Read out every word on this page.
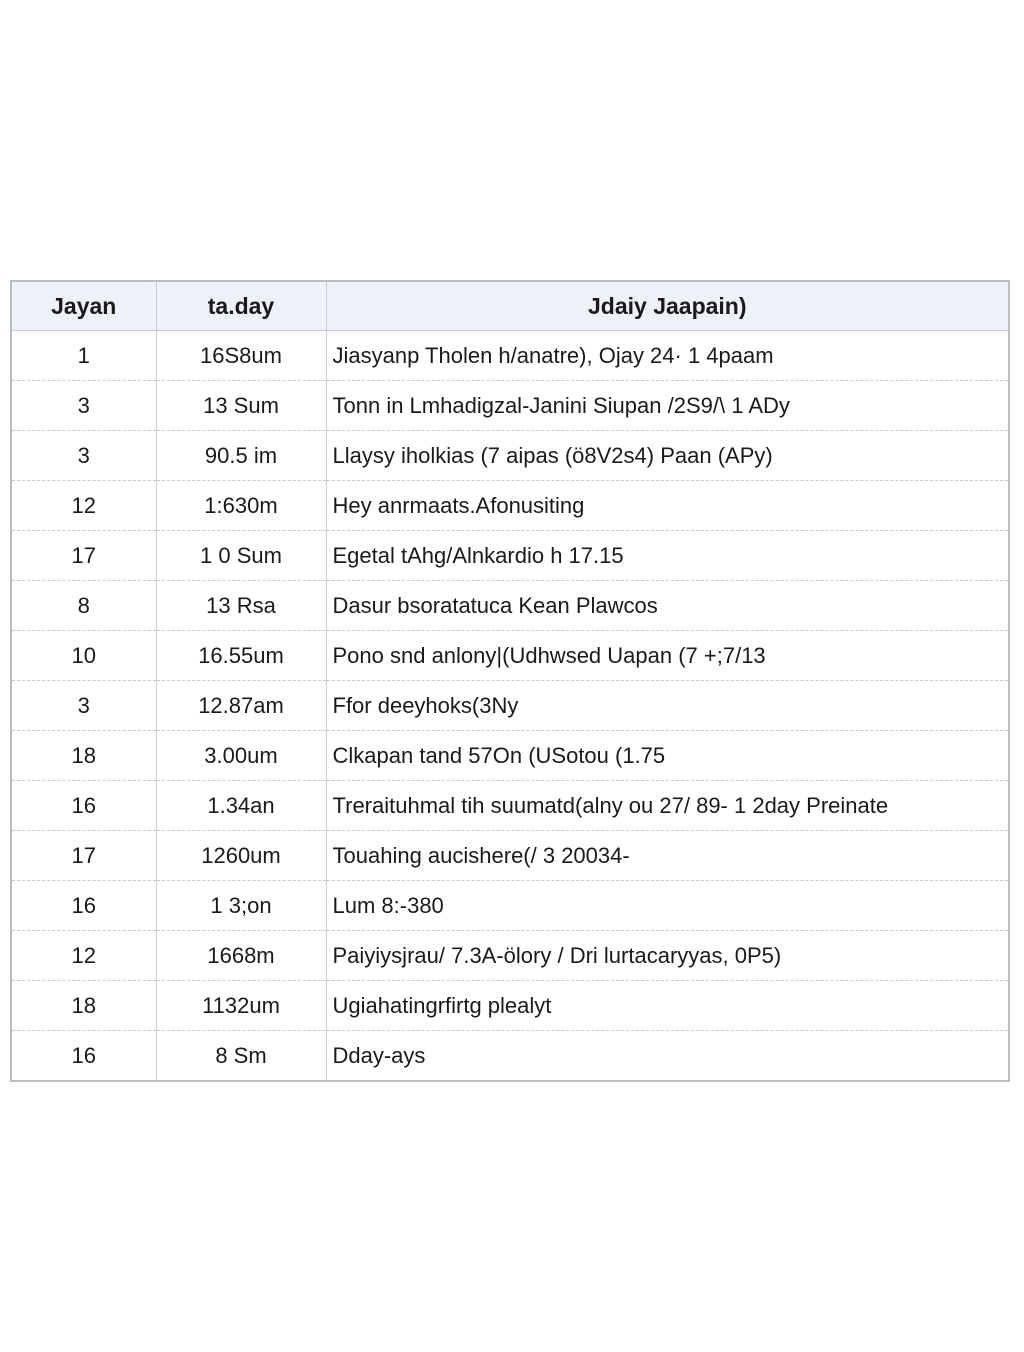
Jayan	ta.day	Jdaiy Jaapain)
1	16S8um	Jiasyanp Tholen h/anatre), Ojay 24· 1 4paam
3	13 Sum	Tonn in Lmhadigzal-Janini Siupan /2S9/\ 1 ADy
3	90.5 im	Llaysy iholkias (7 aipas (ö8V2s4) Paan (APy)
12	1:630m	Hey anrmaats.Afonusiting
17	1 0 Sum	Egetal tAhg/Alnkardio h 17.15
8	13 Rsa	Dasur bsoratatuca Kean Plawcos
10	16.55um	Pono snd anlony|(Udhwsed Uapan (7 +;7/13
3	12.87am	Ffor deeyhoks(3Ny
18	3.00um	Clkapan tand 57On (USotou (1.75
16	1.34an	Treraituhmal tih suumatd(alny ou 27/ 89- 1 2day Preinate
17	1260um	Touahing aucishere(/ 3 20034-
16	1 3;on	Lum 8:-380
12	1668m	Paiyiysjrau/ 7.3A-ölory / Dri lurtacaryyas, 0P5)
18	1132um	Ugiahatingrfirtg plealyt
16	8 Sm	Dday-ays
